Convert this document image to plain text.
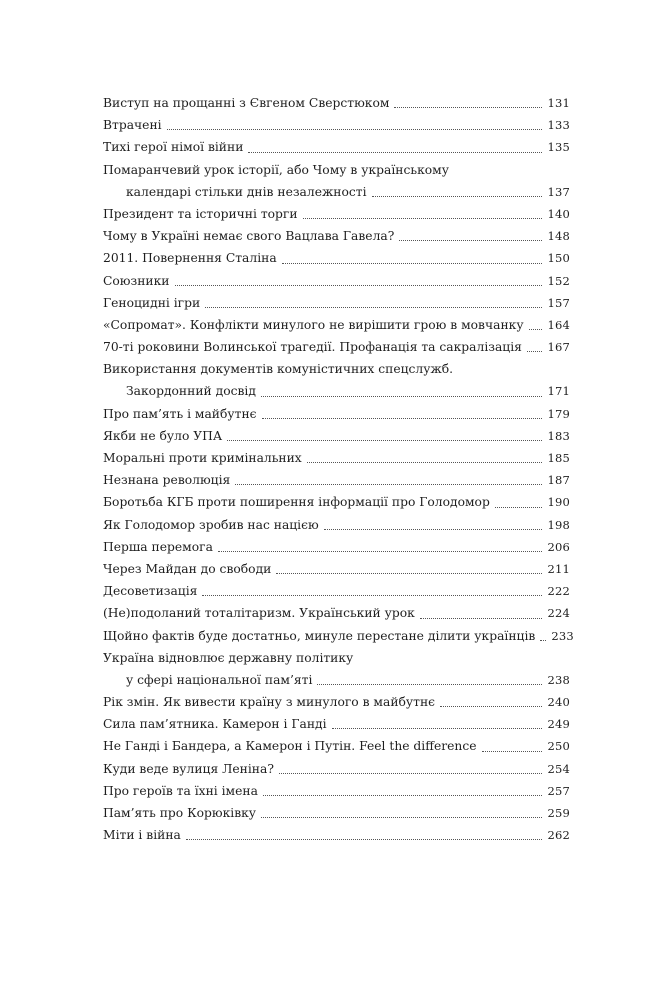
Виступ на прощанні з Євгеном Сверстюком	131
Втрачені	133
Тихі герої німої війни	135
Помаранчевий урок історії, або Чому в українському
календарі стільки днів незалежності	137
Президент та історичні торги	140
Чому в Україні немає свого Вацлава Гавела?	148
2011. Повернення Сталіна	150
Союзники	152
Геноцидні ігри	157
«Сопромат». Конфлікти минулого не вирішити грою в мовчанку 164
70-ті роковини Волинської трагедії. Профанація та сакралізація 167
Використання документів комуністичних спецслужб.
Закордонний досвід	171
Про пам’ять і майбутнє	179
Якби не було УПА	183
Моральні проти кримінальних	185
Незнана революція	187
Боротьба КГБ проти поширення інформації про Голодомор	190
Як Голодомор зробив нас нацією	198
Перша перемога	206
Через Майдан до свободи	211
Десоветизація	222
(Не)подоланий тоталітаризм. Український урок	224
Щойно фактів буде достатньо, минуле перестане ділити українців 233
Україна відновлює державну політику
у сфері національної пам’яті	238
Рік змін. Як вивести країну з минулого в майбутнє	240
Сила пам’ятника. Камерон і Ганді	249
Не Ганді і Бандера, а Камерон і Путін. Feel the difference	250
Куди веде вулиця Леніна?	254
Про героїв та їхні імена	257
Пам’ять про Корюківку	259
Міти і війна	262
